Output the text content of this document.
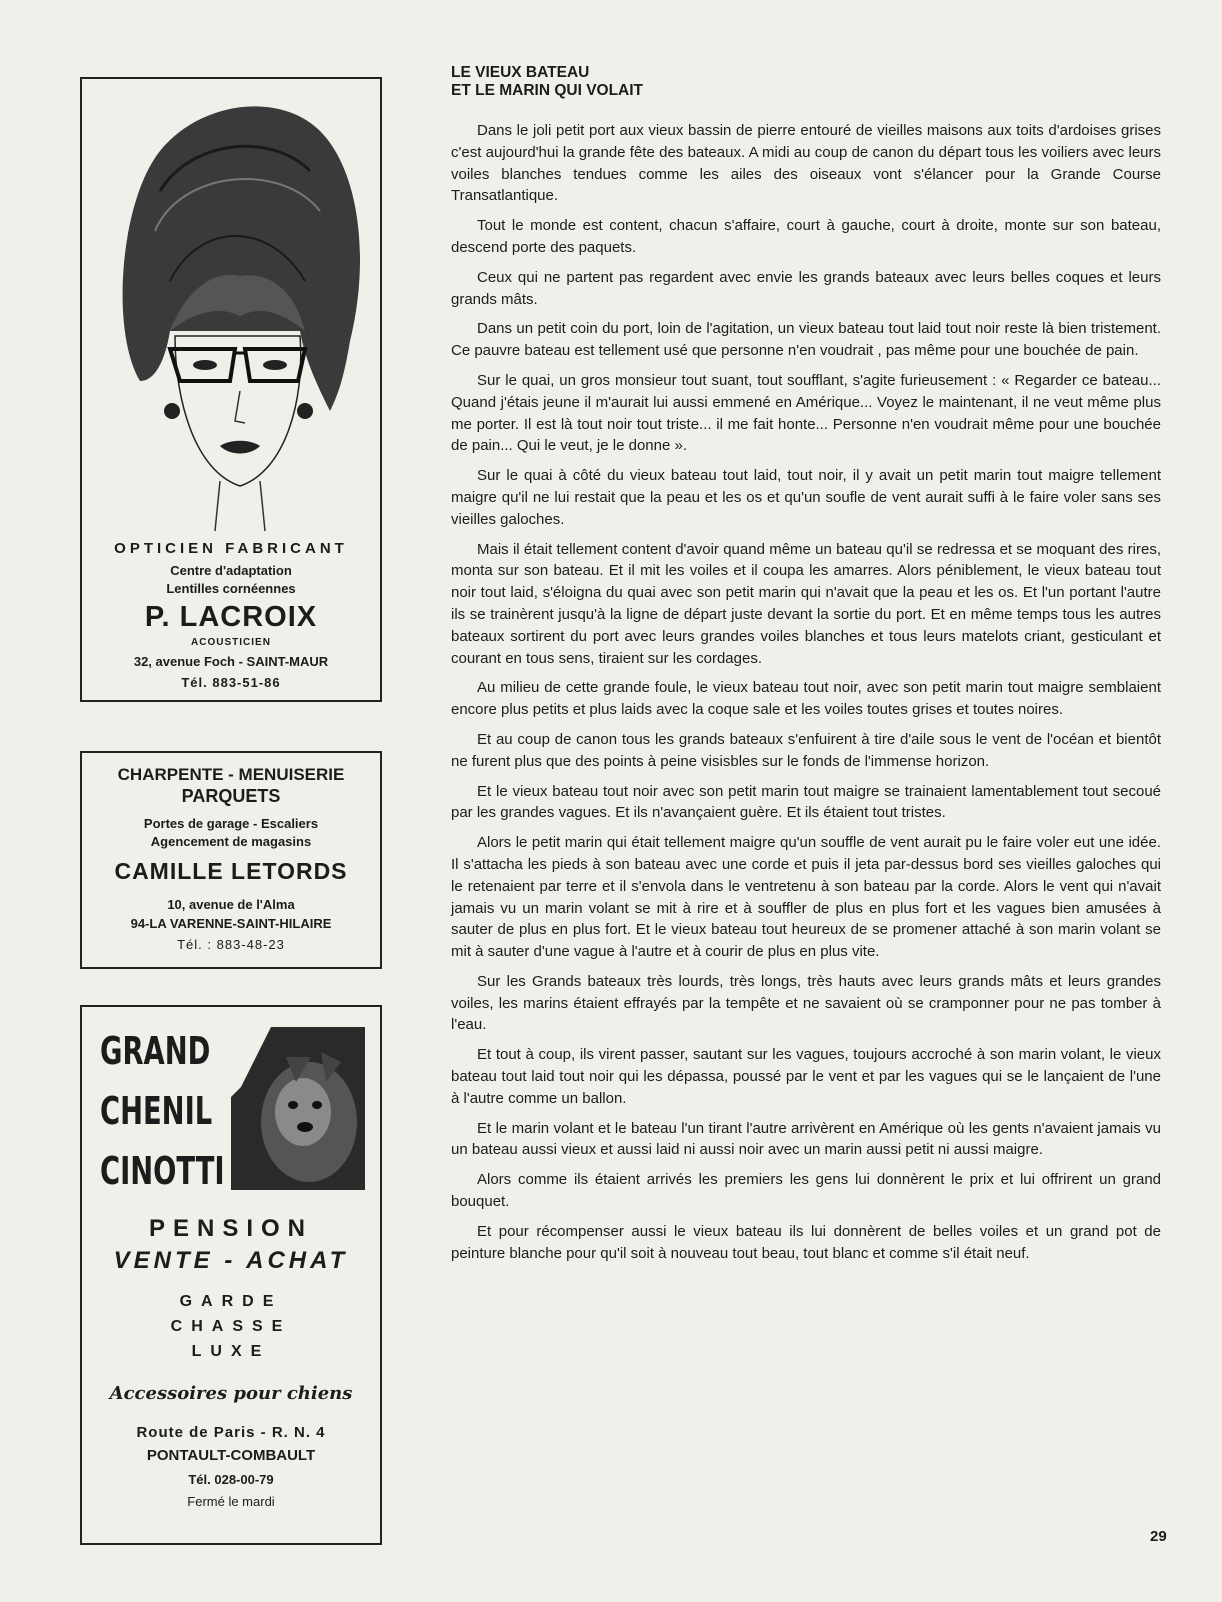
OPTICIEN FABRICANT
Centre d'adaptation
Lentilles cornéennes
P. LACROIX
ACOUSTICIEN
32, avenue Foch - SAINT-MAUR
Tél. 883-51-86
CHARPENTE - MENUISERIE
PARQUETS
Portes de garage - Escaliers
Agencement de magasins
CAMILLE LETORDS
10, avenue de l'Alma
94-LA VARENNE-SAINT-HILAIRE
Tél. : 883-48-23
GRAND
CHENIL
CINOTTI
PENSION
VENTE - ACHAT
GARDE
CHASSE
LUXE
Accessoires pour chiens
Route de Paris - R. N. 4
PONTAULT-COMBAULT
Tél. 028-00-79
Fermé le mardi
LE VIEUX BATEAU
ET LE MARIN QUI VOLAIT

Dans le joli petit port aux vieux bassin de pierre entouré de vieilles maisons aux toits d'ardoises grises c'est aujourd'hui la grande fête des bateaux. A midi au coup de canon du départ tous les voiliers avec leurs voiles blanches tendues comme les ailes des oiseaux vont s'élancer pour la Grande Course Transatlantique.

Tout le monde est content, chacun s'affaire, court à gauche, court à droite, monte sur son bateau, descend porte des paquets.

Ceux qui ne partent pas regardent avec envie les grands bateaux avec leurs belles coques et leurs grands mâts.

Dans un petit coin du port, loin de l'agitation, un vieux bateau tout laid tout noir reste là bien tristement. Ce pauvre bateau est tellement usé que personne n'en voudrait , pas même pour une bouchée de pain.

Sur le quai, un gros monsieur tout suant, tout soufflant, s'agite furieusement : « Regarder ce bateau... Quand j'étais jeune il m'aurait lui aussi emmené en Amérique... Voyez le maintenant, il ne veut même plus me porter. Il est là tout noir tout triste... il me fait honte... Personne n'en voudrait même pour une bouchée de pain... Qui le veut, je le donne ».

Sur le quai à côté du vieux bateau tout laid, tout noir, il y avait un petit marin tout maigre tellement maigre qu'il ne lui restait que la peau et les os et qu'un soufle de vent aurait suffi à le faire voler sans ses vieilles galoches.

Mais il était tellement content d'avoir quand même un bateau qu'il se redressa et se moquant des rires, monta sur son bateau. Et il mit les voiles et il coupa les amarres. Alors péniblement, le vieux bateau tout noir tout laid, s'éloigna du quai avec son petit marin qui n'avait que la peau et les os. Et l'un portant l'autre ils se trainèrent jusqu'à la ligne de départ juste devant la sortie du port. Et en même temps tous les autres bateaux sortirent du port avec leurs grandes voiles blanches et tous leurs matelots criant, gesticulant et courant en tous sens, tiraient sur les cordages.

Au milieu de cette grande foule, le vieux bateau tout noir, avec son petit marin tout maigre semblaient encore plus petits et plus laids avec la coque sale et les voiles toutes grises et toutes noires.

Et au coup de canon tous les grands bateaux s'enfuirent à tire d'aile sous le vent de l'océan et bientôt ne furent plus que des points à peine visisbles sur le fonds de l'immense horizon.

Et le vieux bateau tout noir avec son petit marin tout maigre se trainaient lamentablement tout secoué par les grandes vagues. Et ils n'avançaient guère. Et ils étaient tout tristes.

Alors le petit marin qui était tellement maigre qu'un souffle de vent aurait pu le faire voler eut une idée. Il s'attacha les pieds à son bateau avec une corde et puis il jeta par-dessus bord ses vieilles galoches qui le retenaient par terre et il s'envola dans le ventretenu à son bateau par la corde. Alors le vent qui n'avait jamais vu un marin volant se mit à rire et à souffler de plus en plus fort et les vagues bien amusées à sauter de plus en plus fort. Et le vieux bateau tout heureux de se promener attaché à son marin volant se mit à sauter d'une vague à l'autre et à courir de plus en plus vite.

Sur les Grands bateaux très lourds, très longs, très hauts avec leurs grands mâts et leurs grandes voiles, les marins étaient effrayés par la tempête et ne savaient où se cramponner pour ne pas tomber à l'eau.

Et tout à coup, ils virent passer, sautant sur les vagues, toujours accroché à son marin volant, le vieux bateau tout laid tout noir qui les dépassa, poussé par le vent et par les vagues qui se le lançaient de l'une à l'autre comme un ballon.

Et le marin volant et le bateau l'un tirant l'autre arrivèrent en Amérique où les gents n'avaient jamais vu un bateau aussi vieux et aussi laid ni aussi noir avec un marin aussi petit ni aussi maigre.

Alors comme ils étaient arrivés les premiers les gens lui donnèrent le prix et lui offrirent un grand bouquet.

Et pour récompenser aussi le vieux bateau ils lui donnèrent de belles voiles et un grand pot de peinture blanche pour qu'il soit à nouveau tout beau, tout blanc et comme s'il était neuf.

29
